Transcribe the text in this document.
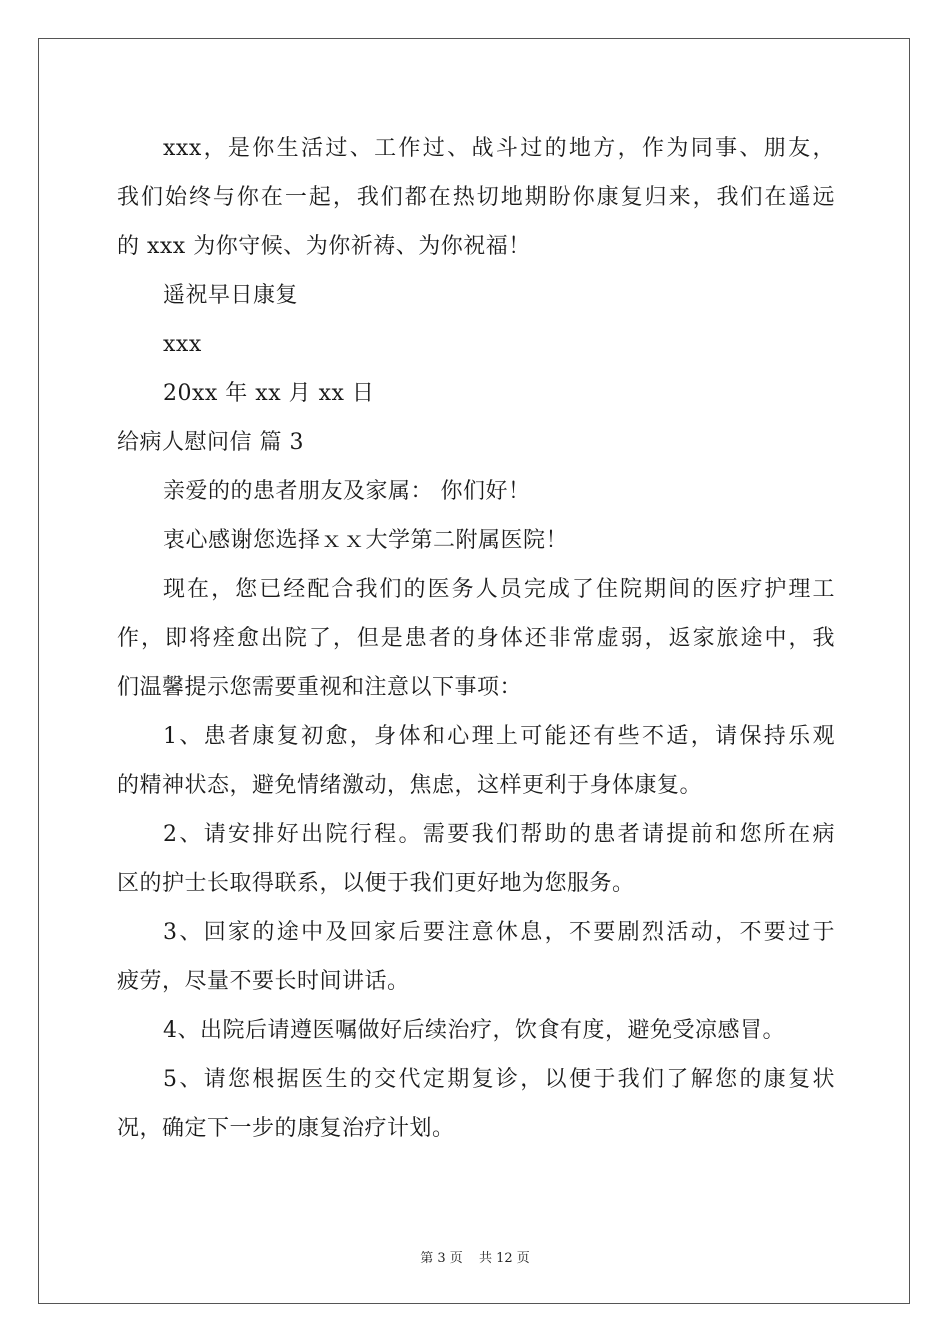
xxx，是你生活过、工作过、战斗过的地方，作为同事、朋友，
我们始终与你在一起，我们都在热切地期盼你康复归来，我们在遥远
的 xxx 为你守候、为你祈祷、为你祝福！
遥祝早日康复
xxx
20xx 年 xx 月 xx 日
给病人慰问信 篇 3
亲爱的的患者朋友及家属： 你们好！
衷心感谢您选择ｘｘ大学第二附属医院！
现在，您已经配合我们的医务人员完成了住院期间的医疗护理工
作，即将痊愈出院了，但是患者的身体还非常虚弱，返家旅途中，我
们温馨提示您需要重视和注意以下事项：
1、患者康复初愈，身体和心理上可能还有些不适，请保持乐观
的精神状态，避免情绪激动，焦虑，这样更利于身体康复。
2、请安排好出院行程。需要我们帮助的患者请提前和您所在病
区的护士长取得联系，以便于我们更好地为您服务。
3、回家的途中及回家后要注意休息，不要剧烈活动，不要过于
疲劳，尽量不要长时间讲话。
4、出院后请遵医嘱做好后续治疗，饮食有度，避免受凉感冒。
5、请您根据医生的交代定期复诊，以便于我们了解您的康复状
况，确定下一步的康复治疗计划。
第 3 页 共 12 页
